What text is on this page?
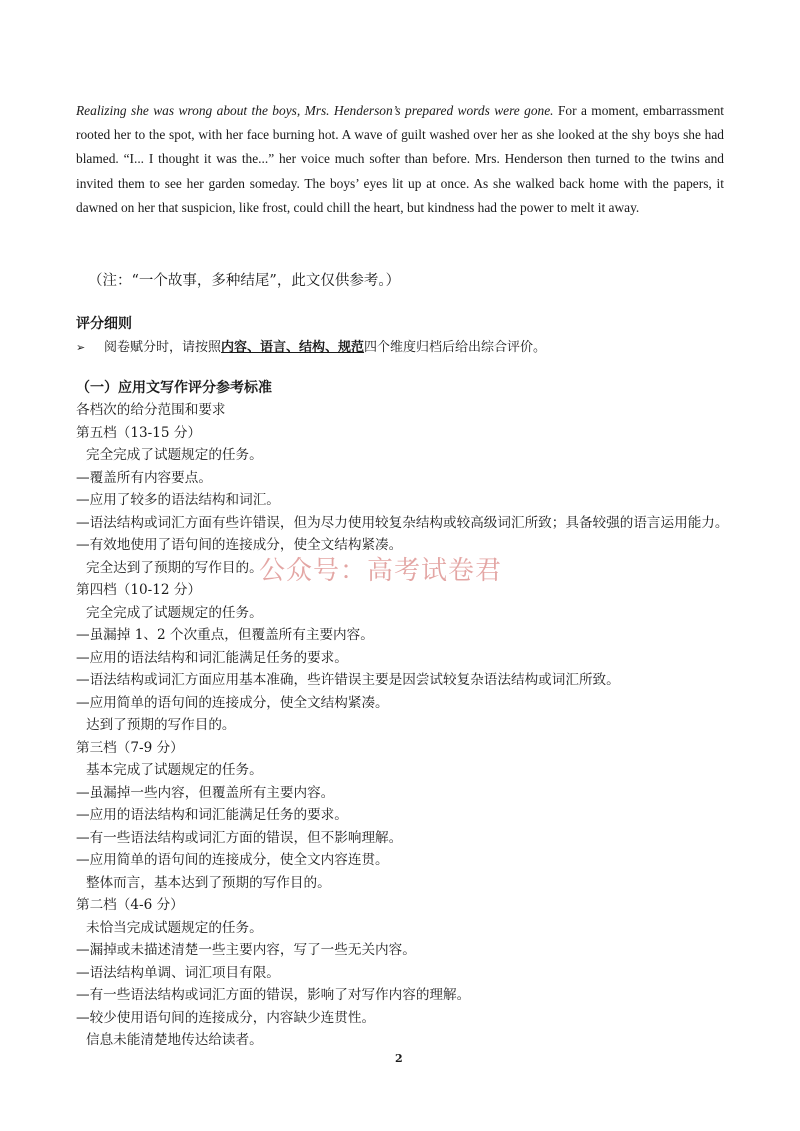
Realizing she was wrong about the boys, Mrs. Henderson’s prepared words were gone. For a moment, embarrassment rooted her to the spot, with her face burning hot. A wave of guilt washed over her as she looked at the shy boys she had blamed. “I... I thought it was the...” her voice much softer than before. Mrs. Henderson then turned to the twins and invited them to see her garden someday. The boys’ eyes lit up at once. As she walked back home with the papers, it dawned on her that suspicion, like frost, could chill the heart, but kindness had the power to melt it away.

（注：“一个故事，多种结尾”，此文仅供参考。）

评分细则

➢ 阅卷赋分时，请按照内容、语言、结构、规范四个维度归档后给出综合评价。

（一）应用文写作评分参考标准

各档次的给分范围和要求
第五档（13-15 分）
完全完成了试题规定的任务。
—覆盖所有内容要点。
—应用了较多的语法结构和词汇。
—语法结构或词汇方面有些许错误，但为尽力使用较复杂结构或较高级词汇所致；具备较强的语言运用能力。
—有效地使用了语句间的连接成分，使全文结构紧凑。
完全达到了预期的写作目的。
第四档（10-12 分）
完全完成了试题规定的任务。
—虽漏掉 1、2 个次重点，但覆盖所有主要内容。
—应用的语法结构和词汇能满足任务的要求。
—语法结构或词汇方面应用基本准确，些许错误主要是因尝试较复杂语法结构或词汇所致。
—应用简单的语句间的连接成分，使全文结构紧凑。
达到了预期的写作目的。
第三档（7-9 分）
基本完成了试题规定的任务。
—虽漏掉一些内容，但覆盖所有主要内容。
—应用的语法结构和词汇能满足任务的要求。
—有一些语法结构或词汇方面的错误，但不影响理解。
—应用简单的语句间的连接成分，使全文内容连贯。
整体而言，基本达到了预期的写作目的。
第二档（4-6 分）
未恰当完成试题规定的任务。
—漏掉或未描述清楚一些主要内容，写了一些无关内容。
—语法结构单调、词汇项目有限。
—有一些语法结构或词汇方面的错误，影响了对写作内容的理解。
—较少使用语句间的连接成分，内容缺少连贯性。
信息未能清楚地传达给读者。

公众号：高考试卷君

2
